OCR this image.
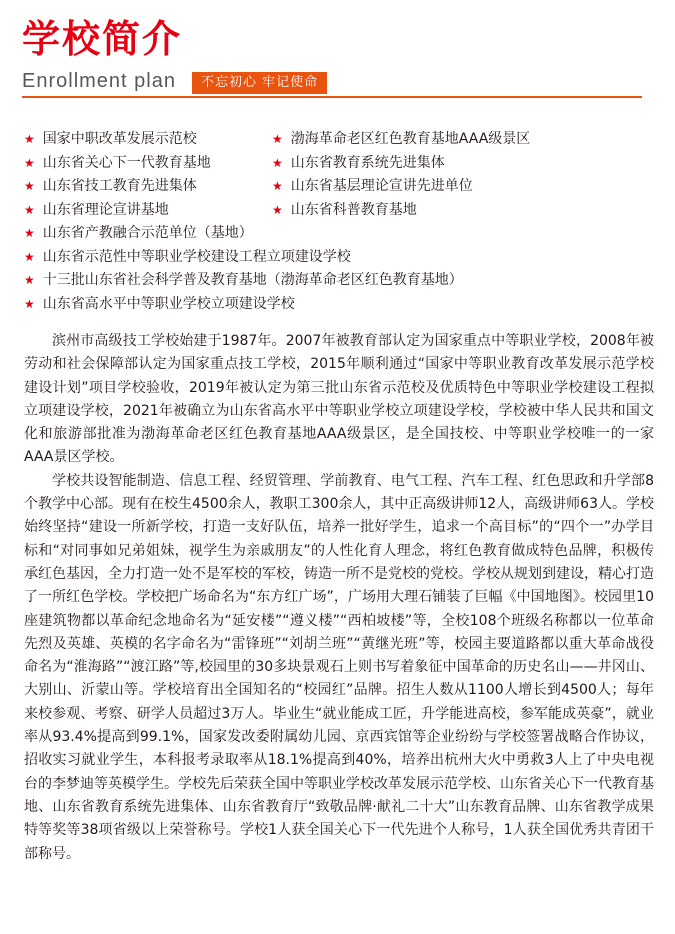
学校简介
Enrollment plan	不忘初心 牢记使命
★ 国家中职改革发展示范校	★ 渤海革命老区红色教育基地AAA级景区
★ 山东省关心下一代教育基地	★ 山东省教育系统先进集体
★ 山东省技工教育先进集体	★ 山东省基层理论宣讲先进单位
★ 山东省理论宣讲基地	★ 山东省科普教育基地
★ 山东省产教融合示范单位（基地）
★ 山东省示范性中等职业学校建设工程立项建设学校
★ 十三批山东省社会科学普及教育基地（渤海革命老区红色教育基地）
★ 山东省高水平中等职业学校立项建设学校

滨州市高级技工学校始建于1987年。2007年被教育部认定为国家重点中等职业学校，2008年被劳动和社会保障部认定为国家重点技工学校，2015年顺利通过“国家中等职业教育改革发展示范学校建设计划”项目学校验收，2019年被认定为第三批山东省示范校及优质特色中等职业学校建设工程拟立项建设学校，2021年被确立为山东省高水平中等职业学校立项建设学校，学校被中华人民共和国文化和旅游部批准为渤海革命老区红色教育基地AAA级景区，是全国技校、中等职业学校唯一的一家AAA景区学校。

学校共设智能制造、信息工程、经贸管理、学前教育、电气工程、汽车工程、红色思政和升学部8个教学中心部。现有在校生4500余人，教职工300余人，其中正高级讲师12人，高级讲师63人。学校始终坚持“建设一所新学校，打造一支好队伍，培养一批好学生，追求一个高目标”的“四个一”办学目标和“对同事如兄弟姐妹，视学生为亲戚朋友”的人性化育人理念，将红色教育做成特色品牌，积极传承红色基因，全力打造一处不是军校的军校，铸造一所不是党校的党校。学校从规划到建设，精心打造了一所红色学校。学校把广场命名为“东方红广场”，广场用大理石铺装了巨幅《中国地图》。校园里10座建筑物都以革命纪念地命名为“延安楼”“遵义楼”“西柏坡楼”等，全校108个班级名称都以一位革命先烈及英雄、英模的名字命名为“雷锋班”“刘胡兰班”“黄继光班”等，校园主要道路都以重大革命战役命名为“淮海路”“渡江路”等,校园里的30多块景观石上则书写着象征中国革命的历史名山——井冈山、大别山、沂蒙山等。学校培育出全国知名的“校园红”品牌。招生人数从1100人增长到4500人；每年来校参观、考察、研学人员超过3万人。毕业生“就业能成工匠，升学能进高校，参军能成英豪”，就业率从93.4%提高到99.1%，国家发改委附属幼儿园、京西宾馆等企业纷纷与学校签署战略合作协议，招收实习就业学生，本科报考录取率从18.1%提高到40%，培养出杭州大火中勇救3人上了中央电视台的李梦迪等英模学生。学校先后荣获全国中等职业学校改革发展示范学校、山东省关心下一代教育基地、山东省教育系统先进集体、山东省教育厅“致敬品牌·献礼二十大”山东教育品牌、山东省教学成果特等奖等38项省级以上荣誉称号。学校1人获全国关心下一代先进个人称号，1人获全国优秀共青团干部称号。
